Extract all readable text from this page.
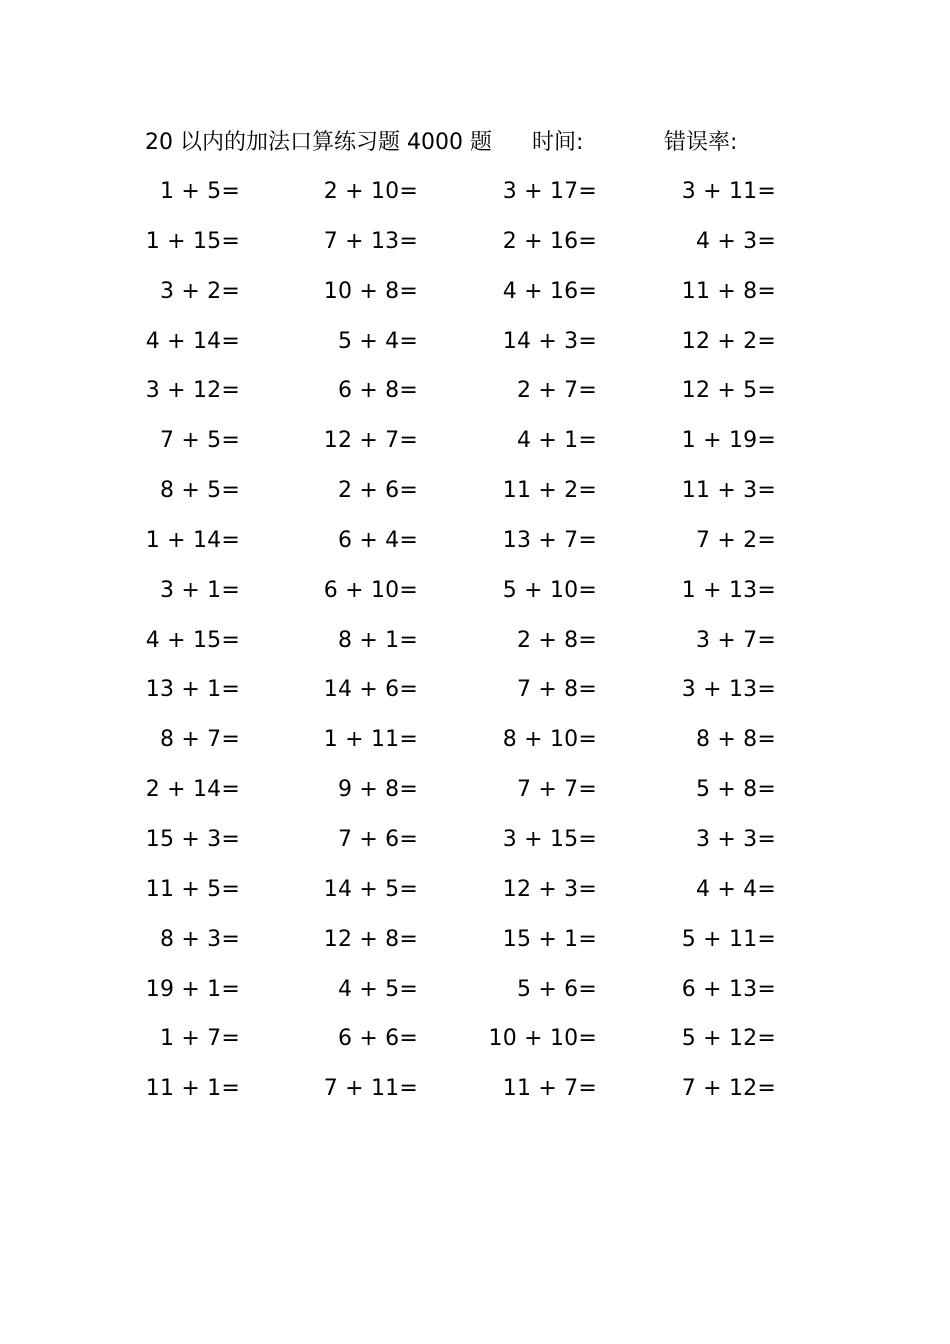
20 以内的加法口算练习题 4000 题 时间:	错误率:
1 + 5=	2 + 10=	3 + 17=	3 + 11=
1 + 15=	7 + 13=	2 + 16=	4 + 3=
3 + 2=	10 + 8=	4 + 16=	11 + 8=
4 + 14=	5 + 4=	14 + 3=	12 + 2=
3 + 12=	6 + 8=	2 + 7=	12 + 5=
7 + 5=	12 + 7=	4 + 1=	1 + 19=
8 + 5=	2 + 6=	11 + 2=	11 + 3=
1 + 14=	6 + 4=	13 + 7=	7 + 2=
3 + 1=	6 + 10=	5 + 10=	1 + 13=
4 + 15=	8 + 1=	2 + 8=	3 + 7=
13 + 1=	14 + 6=	7 + 8=	3 + 13=
8 + 7=	1 + 11=	8 + 10=	8 + 8=
2 + 14=	9 + 8=	7 + 7=	5 + 8=
15 + 3=	7 + 6=	3 + 15=	3 + 3=
11 + 5=	14 + 5=	12 + 3=	4 + 4=
8 + 3=	12 + 8=	15 + 1=	5 + 11=
19 + 1=	4 + 5=	5 + 6=	6 + 13=
1 + 7=	6 + 6=	10 + 10=	5 + 12=
11 + 1=	7 + 11=	11 + 7=	7 + 12=
